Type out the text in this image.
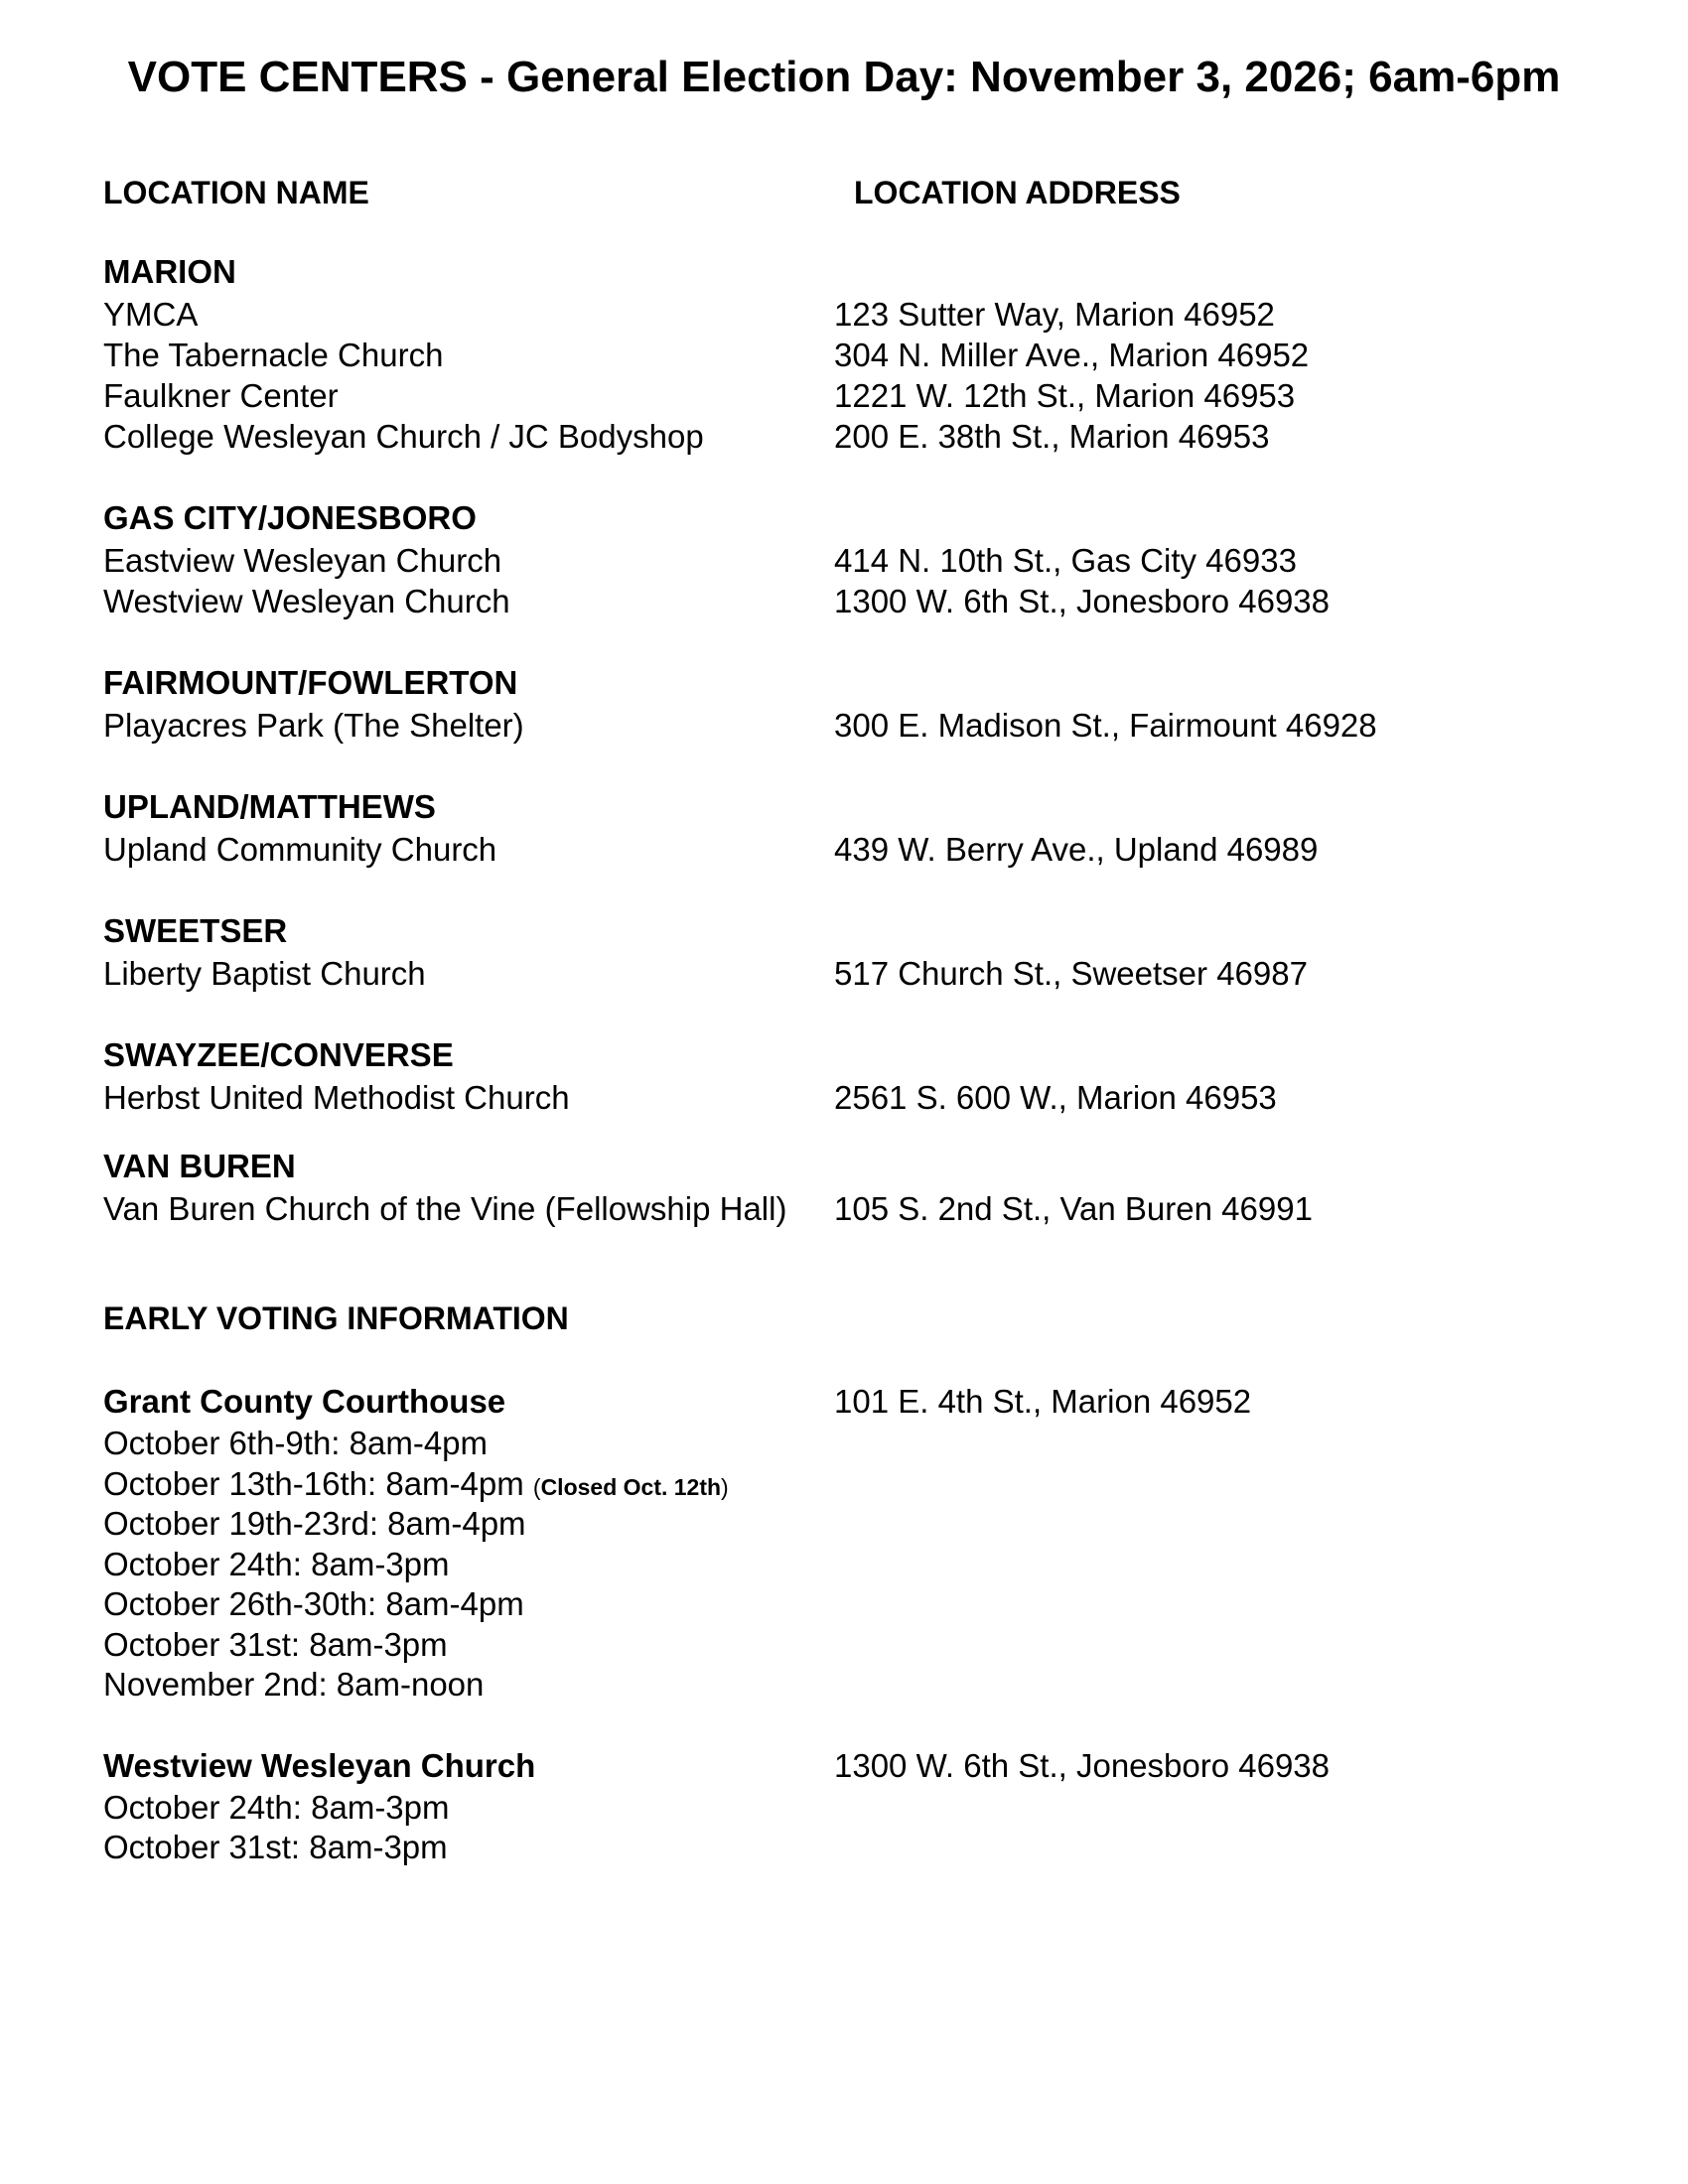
VOTE CENTERS - General Election Day: November 3, 2026; 6am-6pm
LOCATION NAME	LOCATION ADDRESS
MARION
YMCA	123 Sutter Way, Marion 46952
The Tabernacle Church	304 N. Miller Ave., Marion 46952
Faulkner Center	1221 W. 12th St., Marion 46953
College Wesleyan Church / JC Bodyshop	200 E. 38th St., Marion 46953
GAS CITY/JONESBORO
Eastview Wesleyan Church	414 N. 10th St., Gas City 46933
Westview Wesleyan Church	1300 W. 6th St., Jonesboro 46938
FAIRMOUNT/FOWLERTON
Playacres Park (The Shelter)	300 E. Madison St., Fairmount 46928
UPLAND/MATTHEWS
Upland Community Church	439 W. Berry Ave., Upland 46989
SWEETSER
Liberty Baptist Church	517 Church St., Sweetser 46987
SWAYZEE/CONVERSE
Herbst United Methodist Church	2561 S. 600 W., Marion 46953
VAN BUREN
Van Buren Church of the Vine (Fellowship Hall)	105 S. 2nd St., Van Buren 46991
EARLY VOTING INFORMATION
Grant County Courthouse	101 E. 4th St., Marion 46952
October 6th-9th: 8am-4pm
October 13th-16th: 8am-4pm (Closed Oct. 12th)
October 19th-23rd: 8am-4pm
October 24th: 8am-3pm
October 26th-30th: 8am-4pm
October 31st: 8am-3pm
November 2nd: 8am-noon
Westview Wesleyan Church	1300 W. 6th St., Jonesboro 46938
October 24th: 8am-3pm
October 31st: 8am-3pm
